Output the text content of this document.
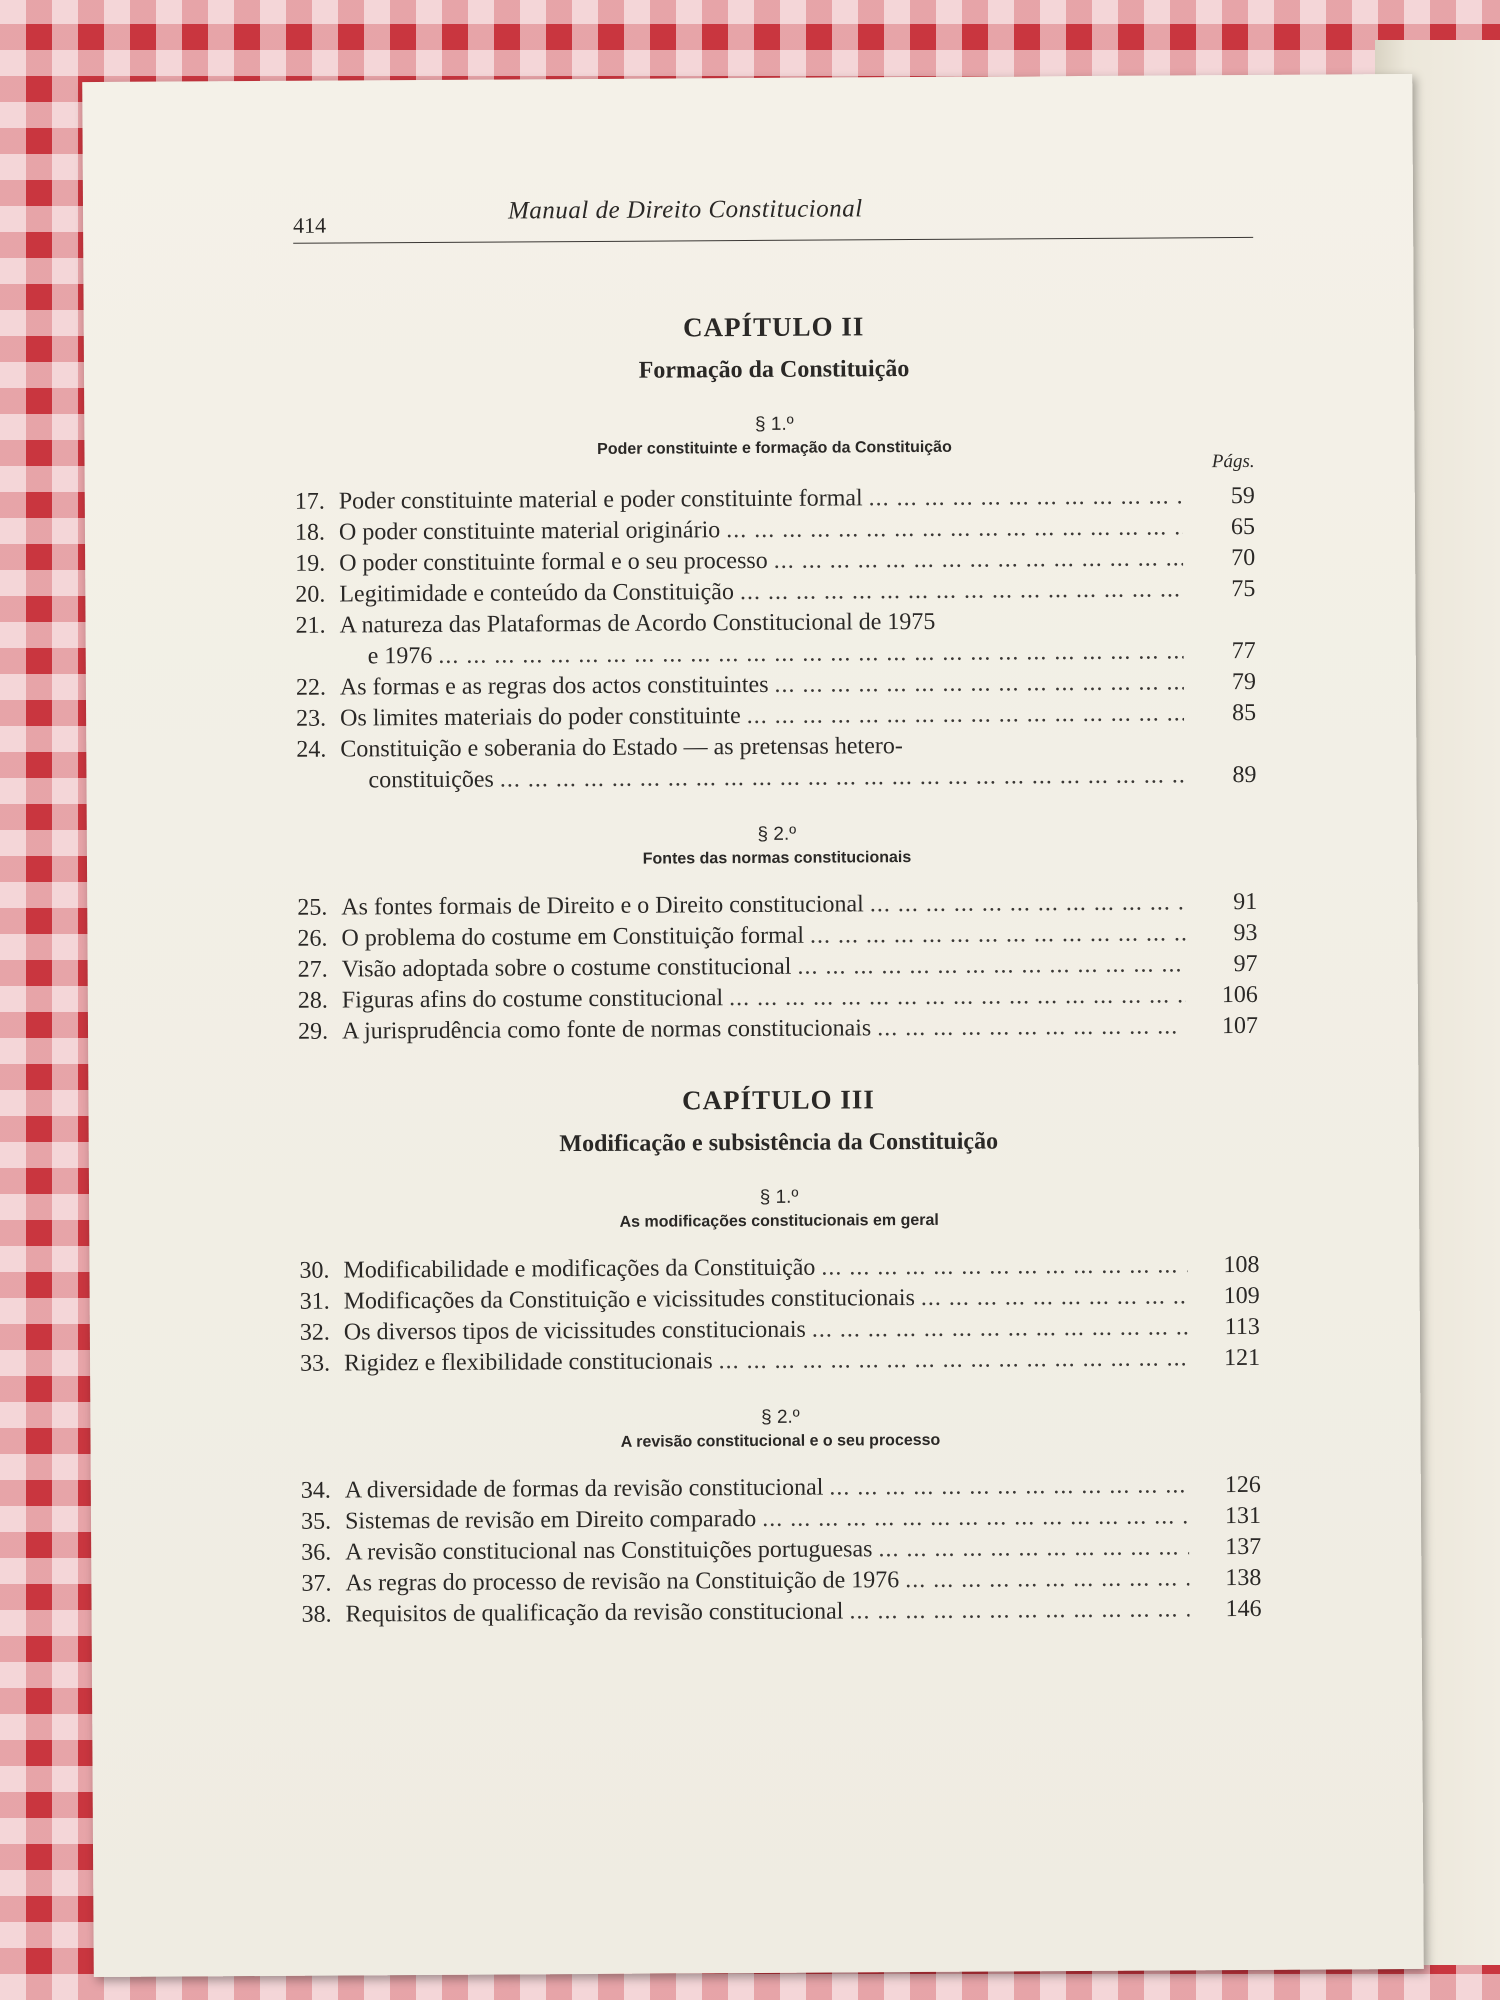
414
Manual de Direito Constitucional
CAPÍTULO II
Formação da Constituição
§ 1.º
Poder constituinte e formação da Constituição
Págs.
17. Poder constituinte material e poder constituinte formal ... .	59
18. O poder constituinte material originário ... .	65
19. O poder constituinte formal e o seu processo ... .	70
20. Legitimidade e conteúdo da Constituição ... .	75
21. A natureza das Plataformas de Acordo Constitucional de 1975
e 1976 ... .	77
22. As formas e as regras dos actos constituintes ... .	79
23. Os limites materiais do poder constituinte ... .	85
24. Constituição e soberania do Estado — as pretensas hetero-
constituições ... .	89
§ 2.º
Fontes das normas constitucionais
25. As fontes formais de Direito e o Direito constitucional ... .	91
26. O problema do costume em Constituição formal ... .	93
27. Visão adoptada sobre o costume constitucional ... .	97
28. Figuras afins do costume constitucional ... .	106
29. A jurisprudência como fonte de normas constitucionais ... .	107
CAPÍTULO III
Modificação e subsistência da Constituição
§ 1.º
As modificações constitucionais em geral
30. Modificabilidade e modificações da Constituição ... .	108
31. Modificações da Constituição e vicissitudes constitucionais ... .	109
32. Os diversos tipos de vicissitudes constitucionais ... .	113
33. Rigidez e flexibilidade constitucionais ... .	121
§ 2.º
A revisão constitucional e o seu processo
34. A diversidade de formas da revisão constitucional ... .	126
35. Sistemas de revisão em Direito comparado ... .	131
36. A revisão constitucional nas Constituições portuguesas ... .	137
37. As regras do processo de revisão na Constituição de 1976 ... .	138
38. Requisitos de qualificação da revisão constitucional ... .	146
